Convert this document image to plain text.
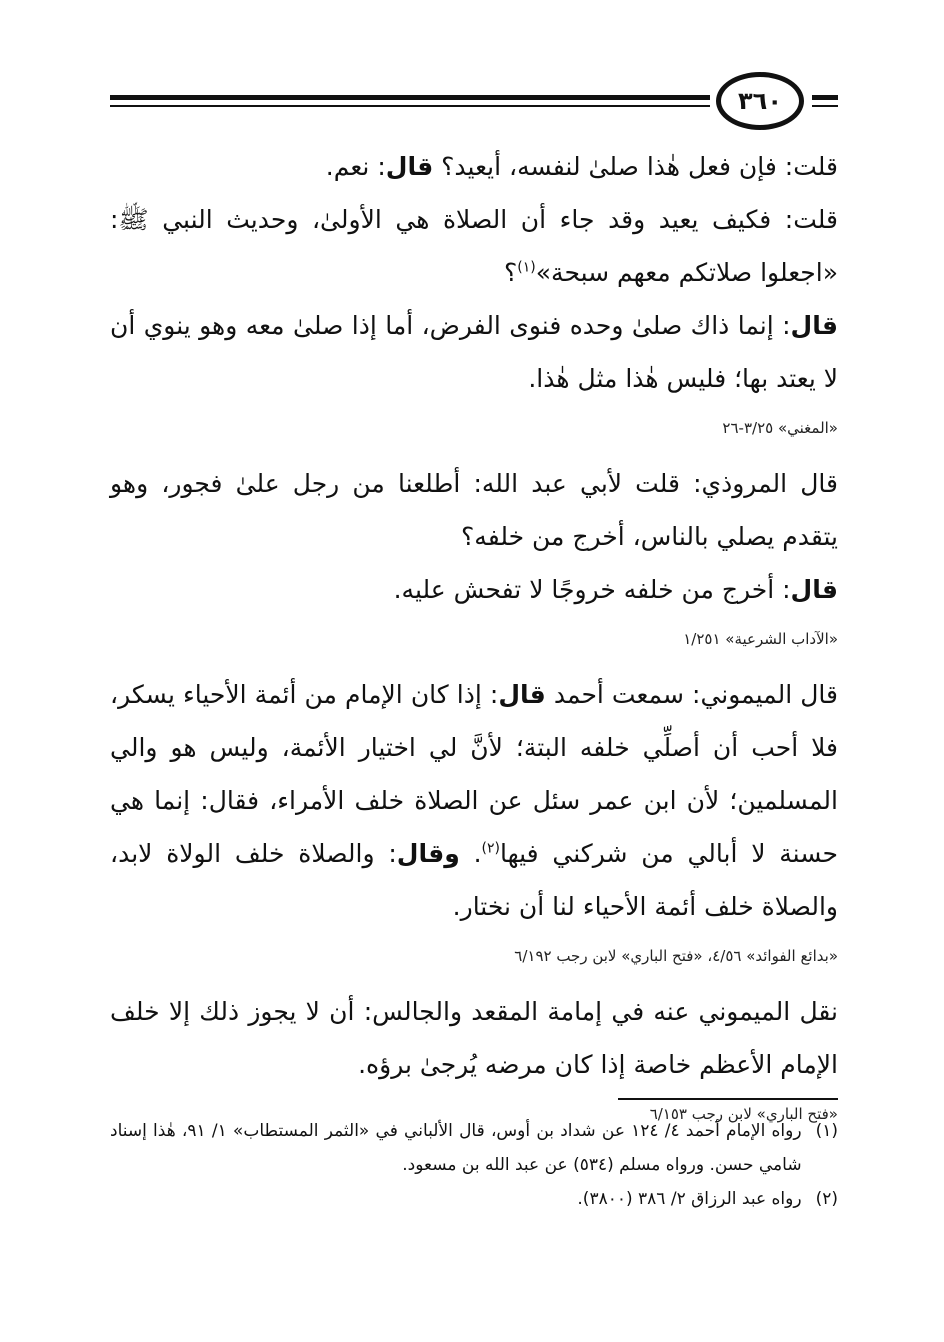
٣٦٠

قلت: فإن فعل هٰذا صلىٰ لنفسه، أيعيد؟ قال: نعم.

قلت: فكيف يعيد وقد جاء أن الصلاة هي الأولىٰ، وحديث النبي ﷺ: «اجعلوا صلاتكم معهم سبحة»$^{(١)}$؟

قال: إنما ذاك صلىٰ وحده فنوى الفرض، أما إذا صلىٰ معه وهو ينوي أن لا يعتد بها؛ فليس هٰذا مثل هٰذا.

«المغني» ٣/٢٥-٢٦

قال المروذي: قلت لأبي عبد الله: أطلعنا من رجل علىٰ فجور، وهو يتقدم يصلي بالناس، أخرج من خلفه؟

قال: أخرج من خلفه خروجًا لا تفحش عليه.

«الآداب الشرعية» ١/٢٥١

قال الميموني: سمعت أحمد قال: إذا كان الإمام من أئمة الأحياء يسكر، فلا أحب أن أصلِّي خلفه البتة؛ لأنَّ لي اختيار الأئمة، وليس هو والي المسلمين؛ لأن ابن عمر سئل عن الصلاة خلف الأمراء، فقال: إنما هي حسنة لا أبالي من شركني فيها$^{(٢)}$. وقال: والصلاة خلف الولاة لابد، والصلاة خلف أئمة الأحياء لنا أن نختار.

«بدائع الفوائد» ٤/٥٦، «فتح الباري» لابن رجب ٦/١٩٢

نقل الميموني عنه في إمامة المقعد والجالس: أن لا يجوز ذلك إلا خلف الإمام الأعظم خاصة إذا كان مرضه يُرجىٰ برؤه.

«فتح الباري» لابن رجب ٦/١٥٣
(١)
رواه الإمام أحمد ٤/ ١٢٤ عن شداد بن أوس، قال الألباني في «الثمر المستطاب» ١/ ٩١، هٰذا إسناد شامي حسن. ورواه مسلم (٥٣٤) عن عبد الله بن مسعود.
(٢)
رواه عبد الرزاق ٢/ ٣٨٦ (٣٨٠٠).
